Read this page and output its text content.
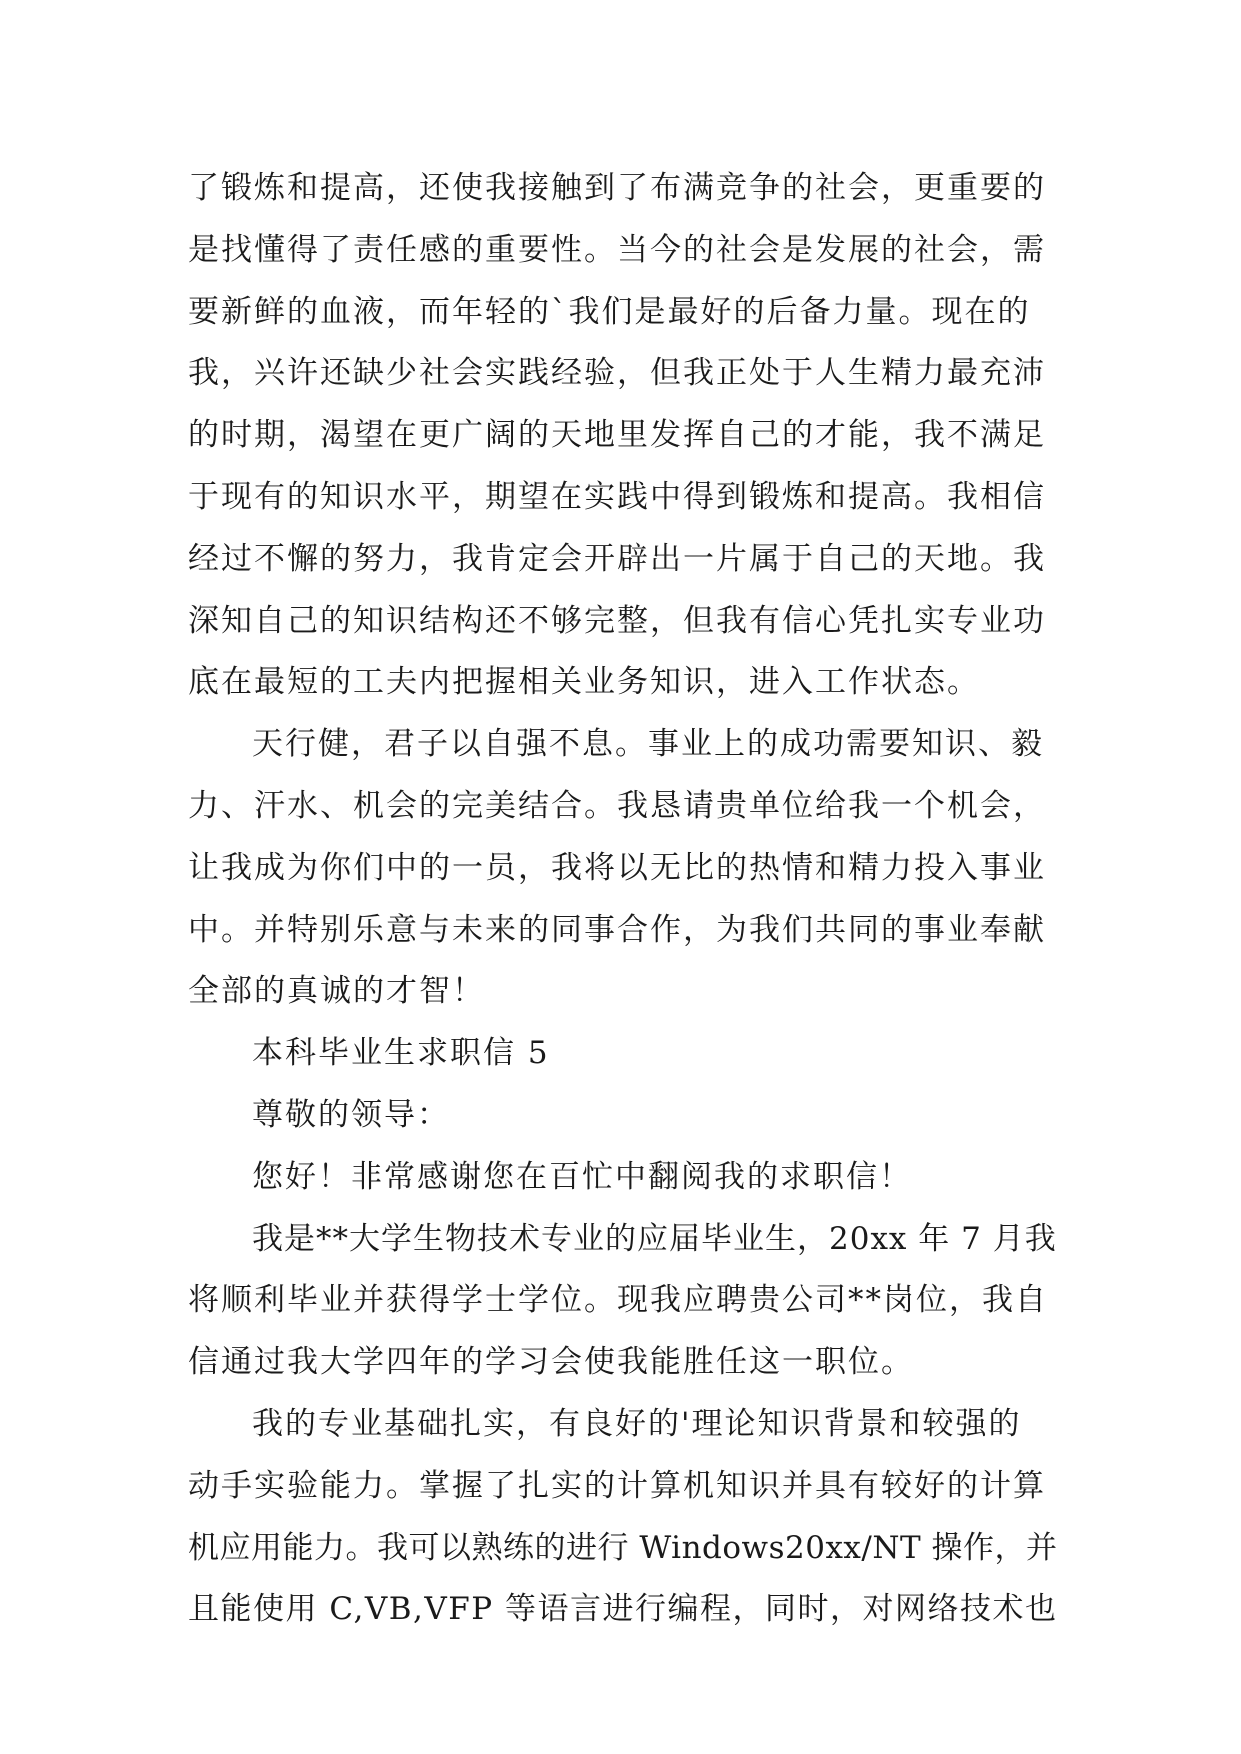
了锻炼和提高，还使我接触到了布满竞争的社会，更重要的
是找懂得了责任感的重要性。当今的社会是发展的社会，需
要新鲜的血液，而年轻的`我们是最好的后备力量。现在的
我，兴许还缺少社会实践经验，但我正处于人生精力最充沛
的时期，渴望在更广阔的天地里发挥自己的才能，我不满足
于现有的知识水平，期望在实践中得到锻炼和提高。我相信
经过不懈的努力，我肯定会开辟出一片属于自己的天地。我
深知自己的知识结构还不够完整，但我有信心凭扎实专业功
底在最短的工夫内把握相关业务知识，进入工作状态。
天行健，君子以自强不息。事业上的成功需要知识、毅
力、汗水、机会的完美结合。我恳请贵单位给我一个机会，
让我成为你们中的一员，我将以无比的热情和精力投入事业
中。并特别乐意与未来的同事合作，为我们共同的事业奉献
全部的真诚的才智！
本科毕业生求职信 5
尊敬的领导：
您好！非常感谢您在百忙中翻阅我的求职信！
我是**大学生物技术专业的应届毕业生，20xx 年 7 月我
将顺利毕业并获得学士学位。现我应聘贵公司**岗位，我自
信通过我大学四年的学习会使我能胜任这一职位。
我的专业基础扎实，有良好的'理论知识背景和较强的
动手实验能力。掌握了扎实的计算机知识并具有较好的计算
机应用能力。我可以熟练的进行 Windows20xx/NT 操作，并
且能使用 C,VB,VFP 等语言进行编程，同时，对网络技术也
